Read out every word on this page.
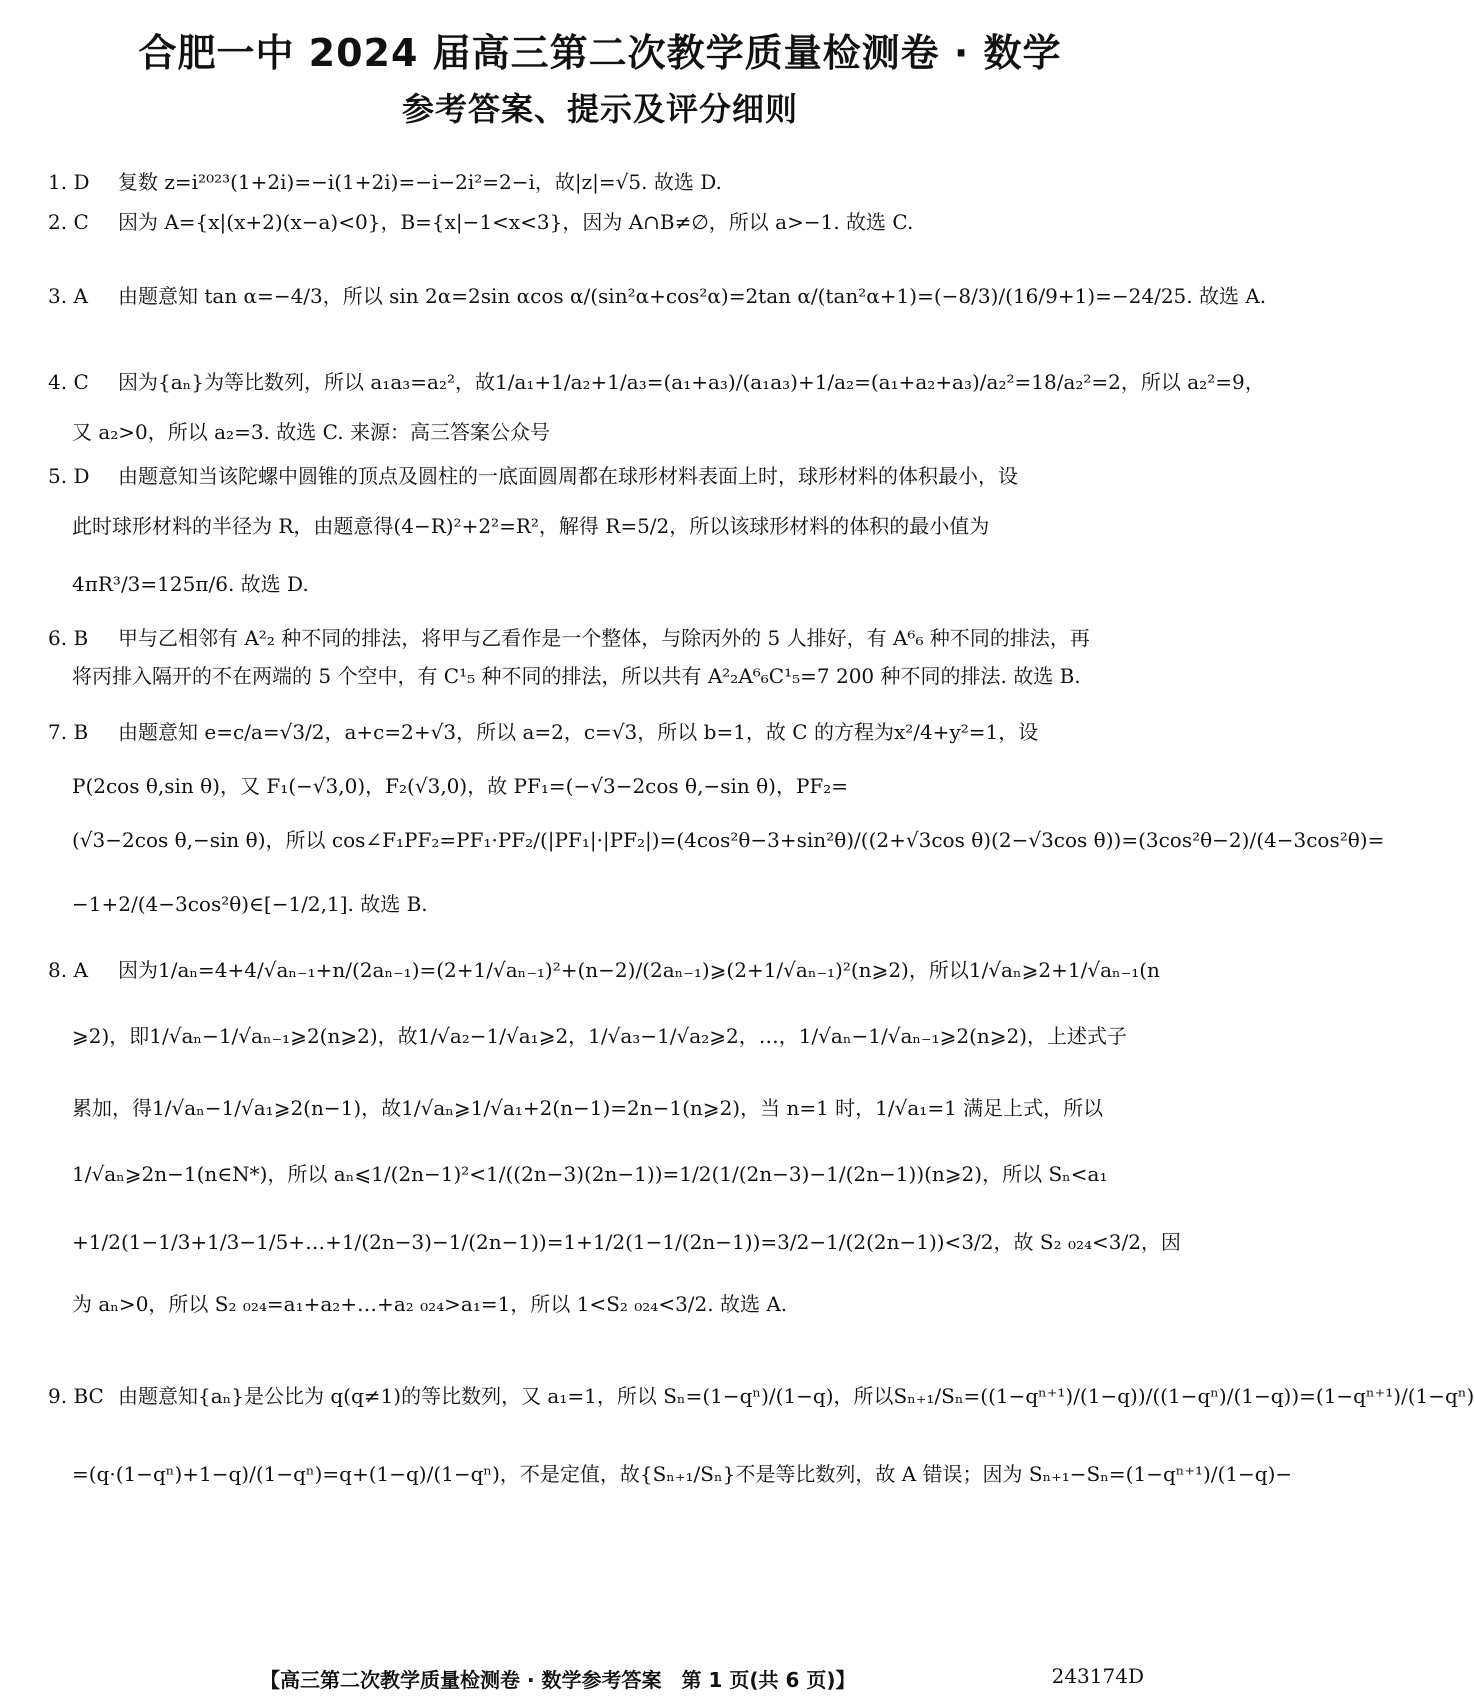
合肥一中 2024 届高三第二次教学质量检测卷 · 数学
参考答案、提示及评分细则
1. D 复数 z=i²⁰²³(1+2i)=−i(1+2i)=−i−2i²=2−i，故|z|=√5. 故选 D.
2. C 因为 A={x|(x+2)(x−a)<0}，B={x|−1<x<3}，因为 A∩B≠∅，所以 a>−1. 故选 C.
3. A 由题意知 tan α=−4/3，所以 sin 2α=2sin αcos α/(sin²α+cos²α)=2tan α/(tan²α+1)=(−8/3)/(16/9+1)=−24/25. 故选 A.
4. C 因为{aₙ}为等比数列，所以 a₁a₃=a₂²，故1/a₁+1/a₂+1/a₃=(a₁+a₃)/(a₁a₃)+1/a₂=(a₁+a₂+a₃)/a₂²=18/a₂²=2，所以 a₂²=9，
又 a₂>0，所以 a₂=3. 故选 C. 来源：高三答案公众号
5. D 由题意知当该陀螺中圆锥的顶点及圆柱的一底面圆周都在球形材料表面上时，球形材料的体积最小，设
此时球形材料的半径为 R，由题意得(4−R)²+2²=R²，解得 R=5/2，所以该球形材料的体积的最小值为
4πR³/3=125π/6. 故选 D.
6. B 甲与乙相邻有 A²₂ 种不同的排法，将甲与乙看作是一个整体，与除丙外的 5 人排好，有 A⁶₆ 种不同的排法，再
将丙排入隔开的不在两端的 5 个空中，有 C¹₅ 种不同的排法，所以共有 A²₂A⁶₆C¹₅=7 200 种不同的排法. 故选 B.
7. B 由题意知 e=c/a=√3/2，a+c=2+√3，所以 a=2，c=√3，所以 b=1，故 C 的方程为x²/4+y²=1，设
P(2cos θ,sin θ)，又 F₁(−√3,0)，F₂(√3,0)，故 PF₁=(−√3−2cos θ,−sin θ)，PF₂=
(√3−2cos θ,−sin θ)，所以 cos∠F₁PF₂=PF₁·PF₂/(|PF₁|·|PF₂|)=(4cos²θ−3+sin²θ)/((2+√3cos θ)(2−√3cos θ))=(3cos²θ−2)/(4−3cos²θ)=
−1+2/(4−3cos²θ)∈[−1/2,1]. 故选 B.
8. A 因为1/aₙ=4+4/√aₙ₋₁+n/(2aₙ₋₁)=(2+1/√aₙ₋₁)²+(n−2)/(2aₙ₋₁)⩾(2+1/√aₙ₋₁)²(n⩾2)，所以1/√aₙ⩾2+1/√aₙ₋₁(n
⩾2)，即1/√aₙ−1/√aₙ₋₁⩾2(n⩾2)，故1/√a₂−1/√a₁⩾2，1/√a₃−1/√a₂⩾2，…，1/√aₙ−1/√aₙ₋₁⩾2(n⩾2)，上述式子
累加，得1/√aₙ−1/√a₁⩾2(n−1)，故1/√aₙ⩾1/√a₁+2(n−1)=2n−1(n⩾2)，当 n=1 时，1/√a₁=1 满足上式，所以
1/√aₙ⩾2n−1(n∈N*)，所以 aₙ⩽1/(2n−1)²<1/((2n−3)(2n−1))=1/2(1/(2n−3)−1/(2n−1))(n⩾2)，所以 Sₙ<a₁
+1/2(1−1/3+1/3−1/5+…+1/(2n−3)−1/(2n−1))=1+1/2(1−1/(2n−1))=3/2−1/(2(2n−1))<3/2，故 S₂ ₀₂₄<3/2，因
为 aₙ>0，所以 S₂ ₀₂₄=a₁+a₂+…+a₂ ₀₂₄>a₁=1，所以 1<S₂ ₀₂₄<3/2. 故选 A.
9. BC 由题意知{aₙ}是公比为 q(q≠1)的等比数列，又 a₁=1，所以 Sₙ=(1−qⁿ)/(1−q)，所以Sₙ₊₁/Sₙ=((1−qⁿ⁺¹)/(1−q))/((1−qⁿ)/(1−q))=(1−qⁿ⁺¹)/(1−qⁿ)
=(q·(1−qⁿ)+1−q)/(1−qⁿ)=q+(1−q)/(1−qⁿ)，不是定值，故{Sₙ₊₁/Sₙ}不是等比数列，故 A 错误；因为 Sₙ₊₁−Sₙ=(1−qⁿ⁺¹)/(1−q)−
【高三第二次教学质量检测卷 · 数学参考答案　第 1 页(共 6 页)】	243174D
